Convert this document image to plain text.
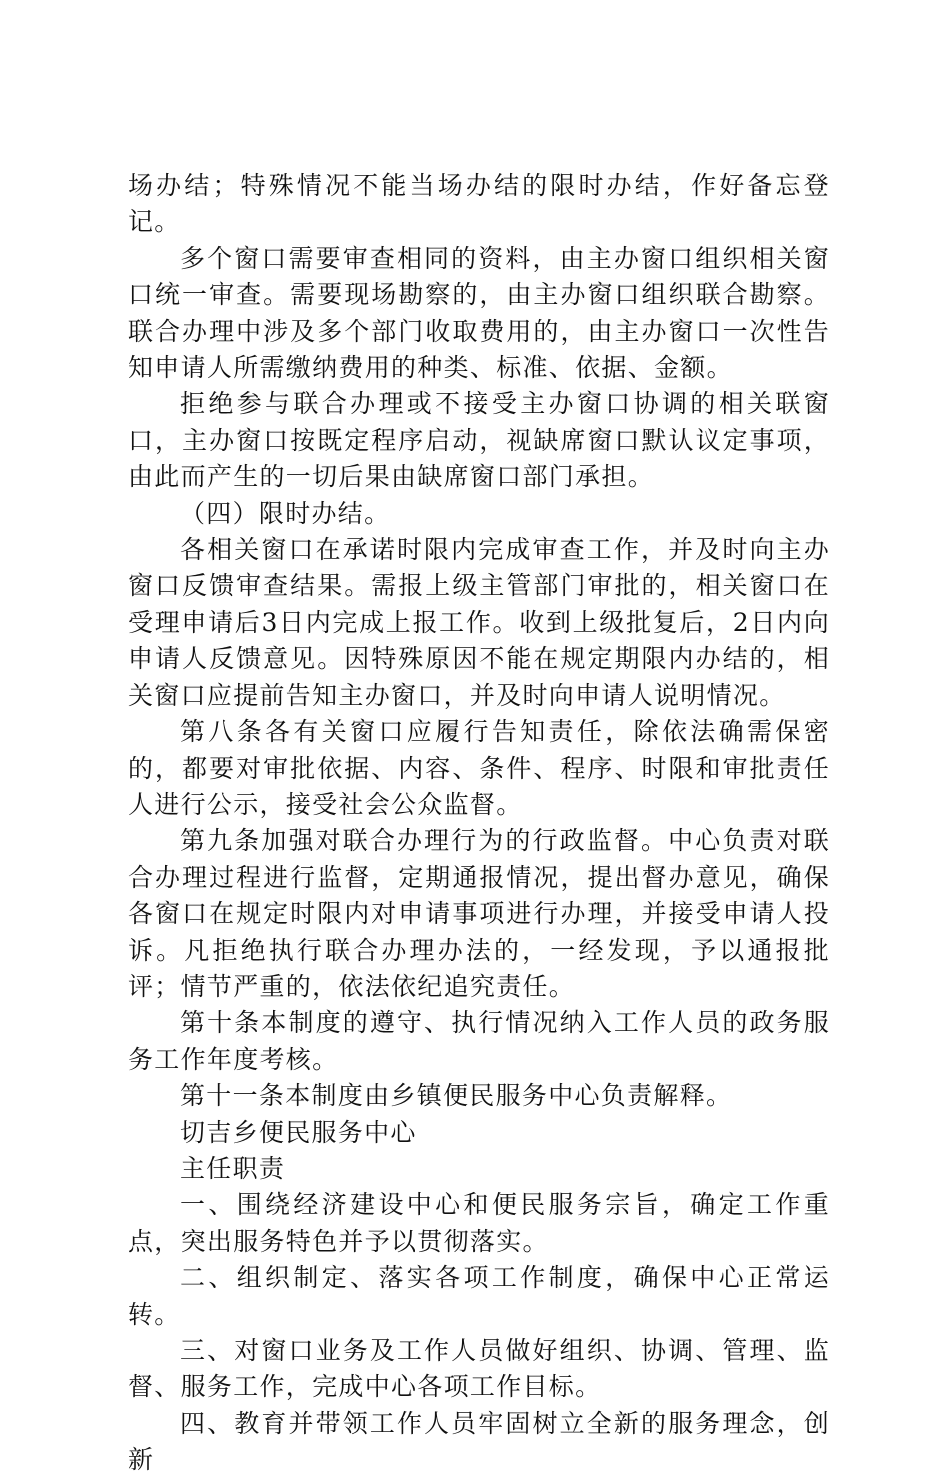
场办结；特殊情况不能当场办结的限时办结，作好备忘登记。

多个窗口需要审查相同的资料，由主办窗口组织相关窗口统一审查。需要现场勘察的，由主办窗口组织联合勘察。联合办理中涉及多个部门收取费用的，由主办窗口一次性告知申请人所需缴纳费用的种类、标准、依据、金额。

拒绝参与联合办理或不接受主办窗口协调的相关联窗口，主办窗口按既定程序启动，视缺席窗口默认议定事项，由此而产生的一切后果由缺席窗口部门承担。

（四）限时办结。

各相关窗口在承诺时限内完成审查工作，并及时向主办窗口反馈审查结果。需报上级主管部门审批的，相关窗口在受理申请后3日内完成上报工作。收到上级批复后，2日内向申请人反馈意见。因特殊原因不能在规定期限内办结的，相关窗口应提前告知主办窗口，并及时向申请人说明情况。

第八条各有关窗口应履行告知责任，除依法确需保密的，都要对审批依据、内容、条件、程序、时限和审批责任人进行公示，接受社会公众监督。

第九条加强对联合办理行为的行政监督。中心负责对联合办理过程进行监督，定期通报情况，提出督办意见，确保各窗口在规定时限内对申请事项进行办理，并接受申请人投诉。凡拒绝执行联合办理办法的，一经发现，予以通报批评；情节严重的，依法依纪追究责任。

第十条本制度的遵守、执行情况纳入工作人员的政务服务工作年度考核。

第十一条本制度由乡镇便民服务中心负责解释。

切吉乡便民服务中心

主任职责

一、围绕经济建设中心和便民服务宗旨，确定工作重点，突出服务特色并予以贯彻落实。

二、组织制定、落实各项工作制度，确保中心正常运转。

三、对窗口业务及工作人员做好组织、协调、管理、监督、服务工作，完成中心各项工作目标。

四、教育并带领工作人员牢固树立全新的服务理念，创新
